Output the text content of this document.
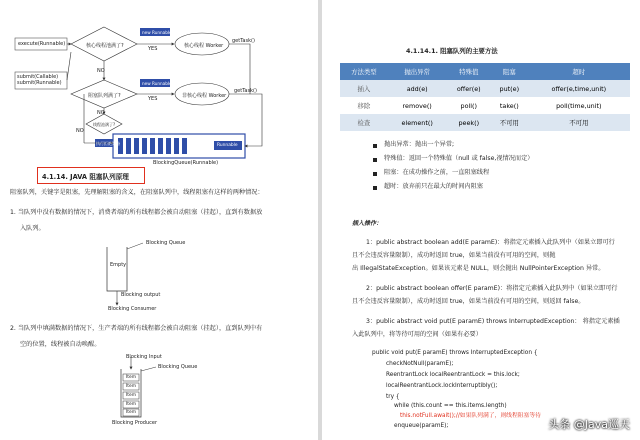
execute(Runnable)
submit(Callable)
submit(Runnable)
核心线程池满了?
阻塞队列满了?
线程池满了?
核心线程 Worker
非核心线程 Worker
new Runnable
new Runnable
YES
YES
NO
NO
NO
getTask()
getTask()
执行拒绝策略	Runnable
BlockingQueue(Runnable)
4.1.14. JAVA 阻塞队列原理
阻塞队列，关键字是阻塞，先理解阻塞的含义，在阻塞队列中，线程阻塞有这样的两种情况：
1. 当队列中没有数据的情况下，消费者端的所有线程都会被自动阻塞（挂起），直到有数据放
入队列。
Blocking Queue
Empty
Blocking output
Blocking Consumer
2. 当队列中填满数据的情况下，生产者端的所有线程都会被自动阻塞（挂起），直到队列中有
空的位置，线程被自动唤醒。
Blocking Input
Blocking Queue
Item
Item
Item
Item
Item
Blocking Producer
4.1.14.1. 阻塞队列的主要方法
方法类型	抛出异常	特殊值	阻塞	超时
插入	add(e)	offer(e)	put(e)	offer(e,time,unit)
移除	remove()	poll()	take()	poll(time,unit)
检查	element()	peek()	不可用	不可用
抛出异常：抛出一个异常;
特殊值：返回一个特殊值（null 或 false,视情况而定）
阻塞：在成功操作之前，一直阻塞线程
超时：放弃前只在最大的时间内阻塞
插入操作：
1：public abstract boolean add(E paramE)：将指定元素插入此队列中（如果立即可行
且不会违反容量限制），成功时返回 true，如果当前没有可用的空间，则抛
出 IllegalStateException。如果该元素是 NULL，则会抛出 NullPointerException 异常。
2：public abstract boolean offer(E paramE)：将指定元素插入此队列中（如果立即可行
且不会违反容量限制），成功时返回 true，如果当前没有可用的空间，则返回 false。
3：public abstract void put(E paramE) throws InterruptedException： 将指定元素插
入此队列中，将等待可用的空间（如果有必要）
public void put(E paramE) throws InterruptedException {
checkNotNull(paramE);
ReentrantLock localReentrantLock = this.lock;
localReentrantLock.lockInterruptibly();
try {
while (this.count == this.items.length)
this.notFull.await();//如果队列满了，则线程阻塞等待
enqueue(paramE);	头条 @Java巡天
